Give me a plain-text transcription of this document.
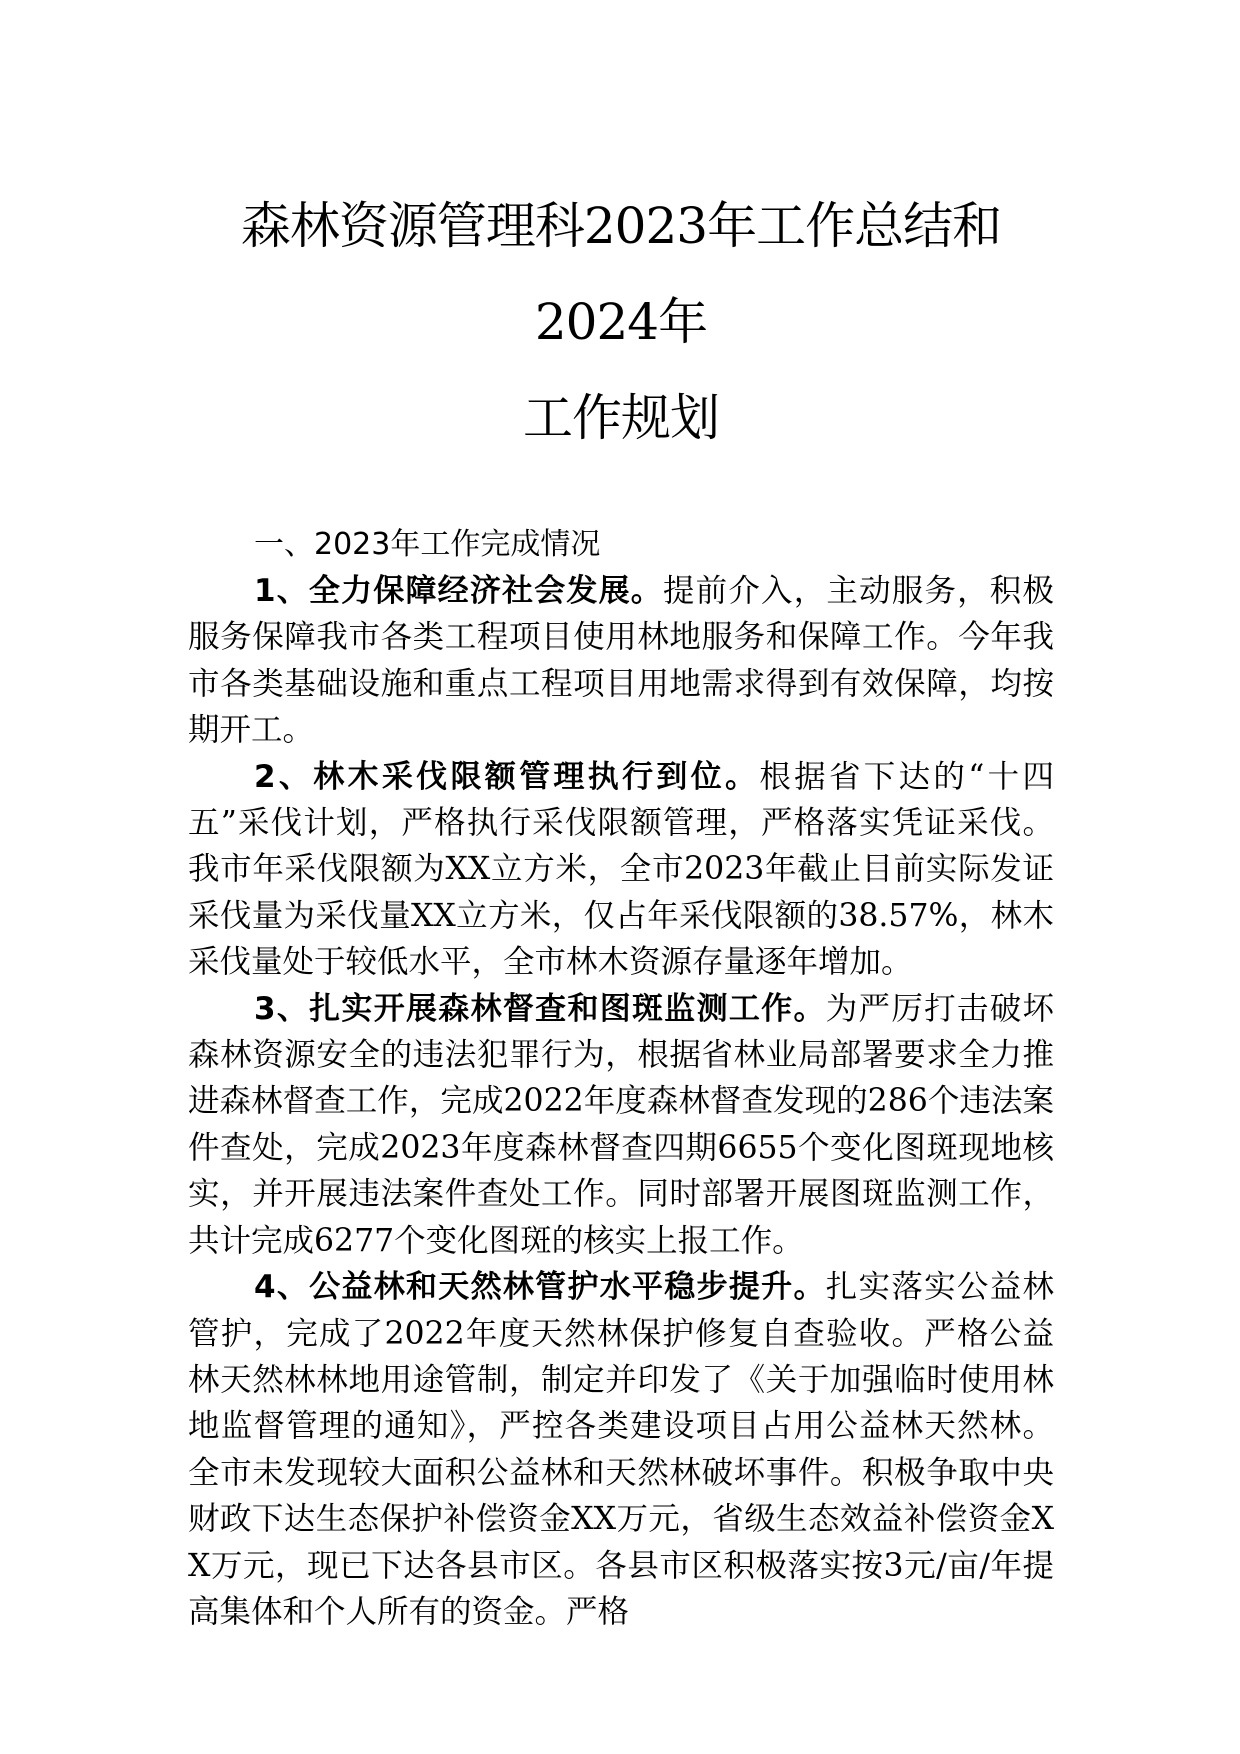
森林资源管理科2023年工作总结和2024年
工作规划

一、2023年工作完成情况

1、全力保障经济社会发展。提前介入，主动服务，积极服务保障我市各类工程项目使用林地服务和保障工作。今年我市各类基础设施和重点工程项目用地需求得到有效保障，均按期开工。

2、林木采伐限额管理执行到位。根据省下达的“十四五”采伐计划，严格执行采伐限额管理，严格落实凭证采伐。我市年采伐限额为XX立方米，全市2023年截止目前实际发证采伐量为采伐量XX立方米，仅占年采伐限额的38.57%，林木采伐量处于较低水平，全市林木资源存量逐年增加。

3、扎实开展森林督查和图斑监测工作。为严厉打击破坏森林资源安全的违法犯罪行为，根据省林业局部署要求全力推进森林督查工作，完成2022年度森林督查发现的286个违法案件查处，完成2023年度森林督查四期6655个变化图斑现地核实，并开展违法案件查处工作。同时部署开展图斑监测工作，共计完成6277个变化图斑的核实上报工作。

4、公益林和天然林管护水平稳步提升。扎实落实公益林管护，完成了2022年度天然林保护修复自查验收。严格公益林天然林林地用途管制，制定并印发了《关于加强临时使用林地监督管理的通知》，严控各类建设项目占用公益林天然林。全市未发现较大面积公益林和天然林破坏事件。积极争取中央财政下达生态保护补偿资金XX万元，省级生态效益补偿资金XX万元，现已下达各县市区。各县市区积极落实按3元/亩/年提高集体和个人所有的资金。严格
